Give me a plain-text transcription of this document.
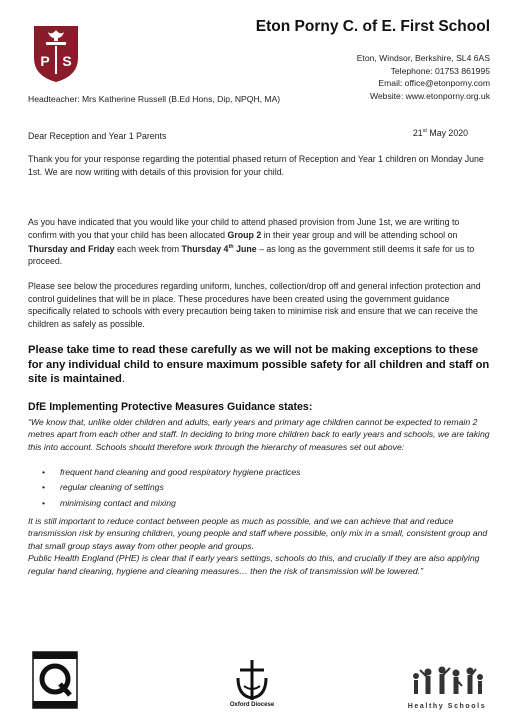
P S
Eton Porny C. of E. First School
Eton, Windsor, Berkshire, SL4 6AS
Telephone: 01753 861995
Email: office@etonporny.com
Website: www.etonporny.org.uk
Headteacher: Mrs Katherine Russell (B.Ed Hons, Dip, NPQH, MA)
21st May 2020
Dear Reception and Year 1 Parents
Thank you for your response regarding the potential phased return of Reception and Year 1 children on Monday June 1st. We are now writing with details of this provision for your child.
As you have indicated that you would like your child to attend phased provision from June 1st, we are writing to confirm with you that your child has been allocated Group 2 in their year group and will be attending school on Thursday and Friday each week from Thursday 4th June – as long as the government still deems it safe for us to proceed.
Please see below the procedures regarding uniform, lunches, collection/drop off and general infection protection and control guidelines that will be in place. These procedures have been created using the government guidance specifically related to schools with every precaution being taken to minimise risk and ensure that we can receive the children as safely as possible.
Please take time to read these carefully as we will not be making exceptions to these for any individual child to ensure maximum possible safety for all children and staff on site is maintained.
DfE Implementing Protective Measures Guidance states:
“We know that, unlike older children and adults, early years and primary age children cannot be expected to remain 2 metres apart from each other and staff. In deciding to bring more children back to early years and schools, we are taking this into account. Schools should therefore work through the hierarchy of measures set out above:
• frequent hand cleaning and good respiratory hygiene practices
• regular cleaning of settings
• minimising contact and mixing
It is still important to reduce contact between people as much as possible, and we can achieve that and reduce transmission risk by ensuring children, young people and staff where possible, only mix in a small, consistent group and that small group stays away from other people and groups.
Public Health England (PHE) is clear that if early years settings, schools do this, and crucially if they are also applying regular hand cleaning, hygiene and cleaning measures… then the risk of transmission will be lowered.”
Oxford Diocese	Healthy Schools
